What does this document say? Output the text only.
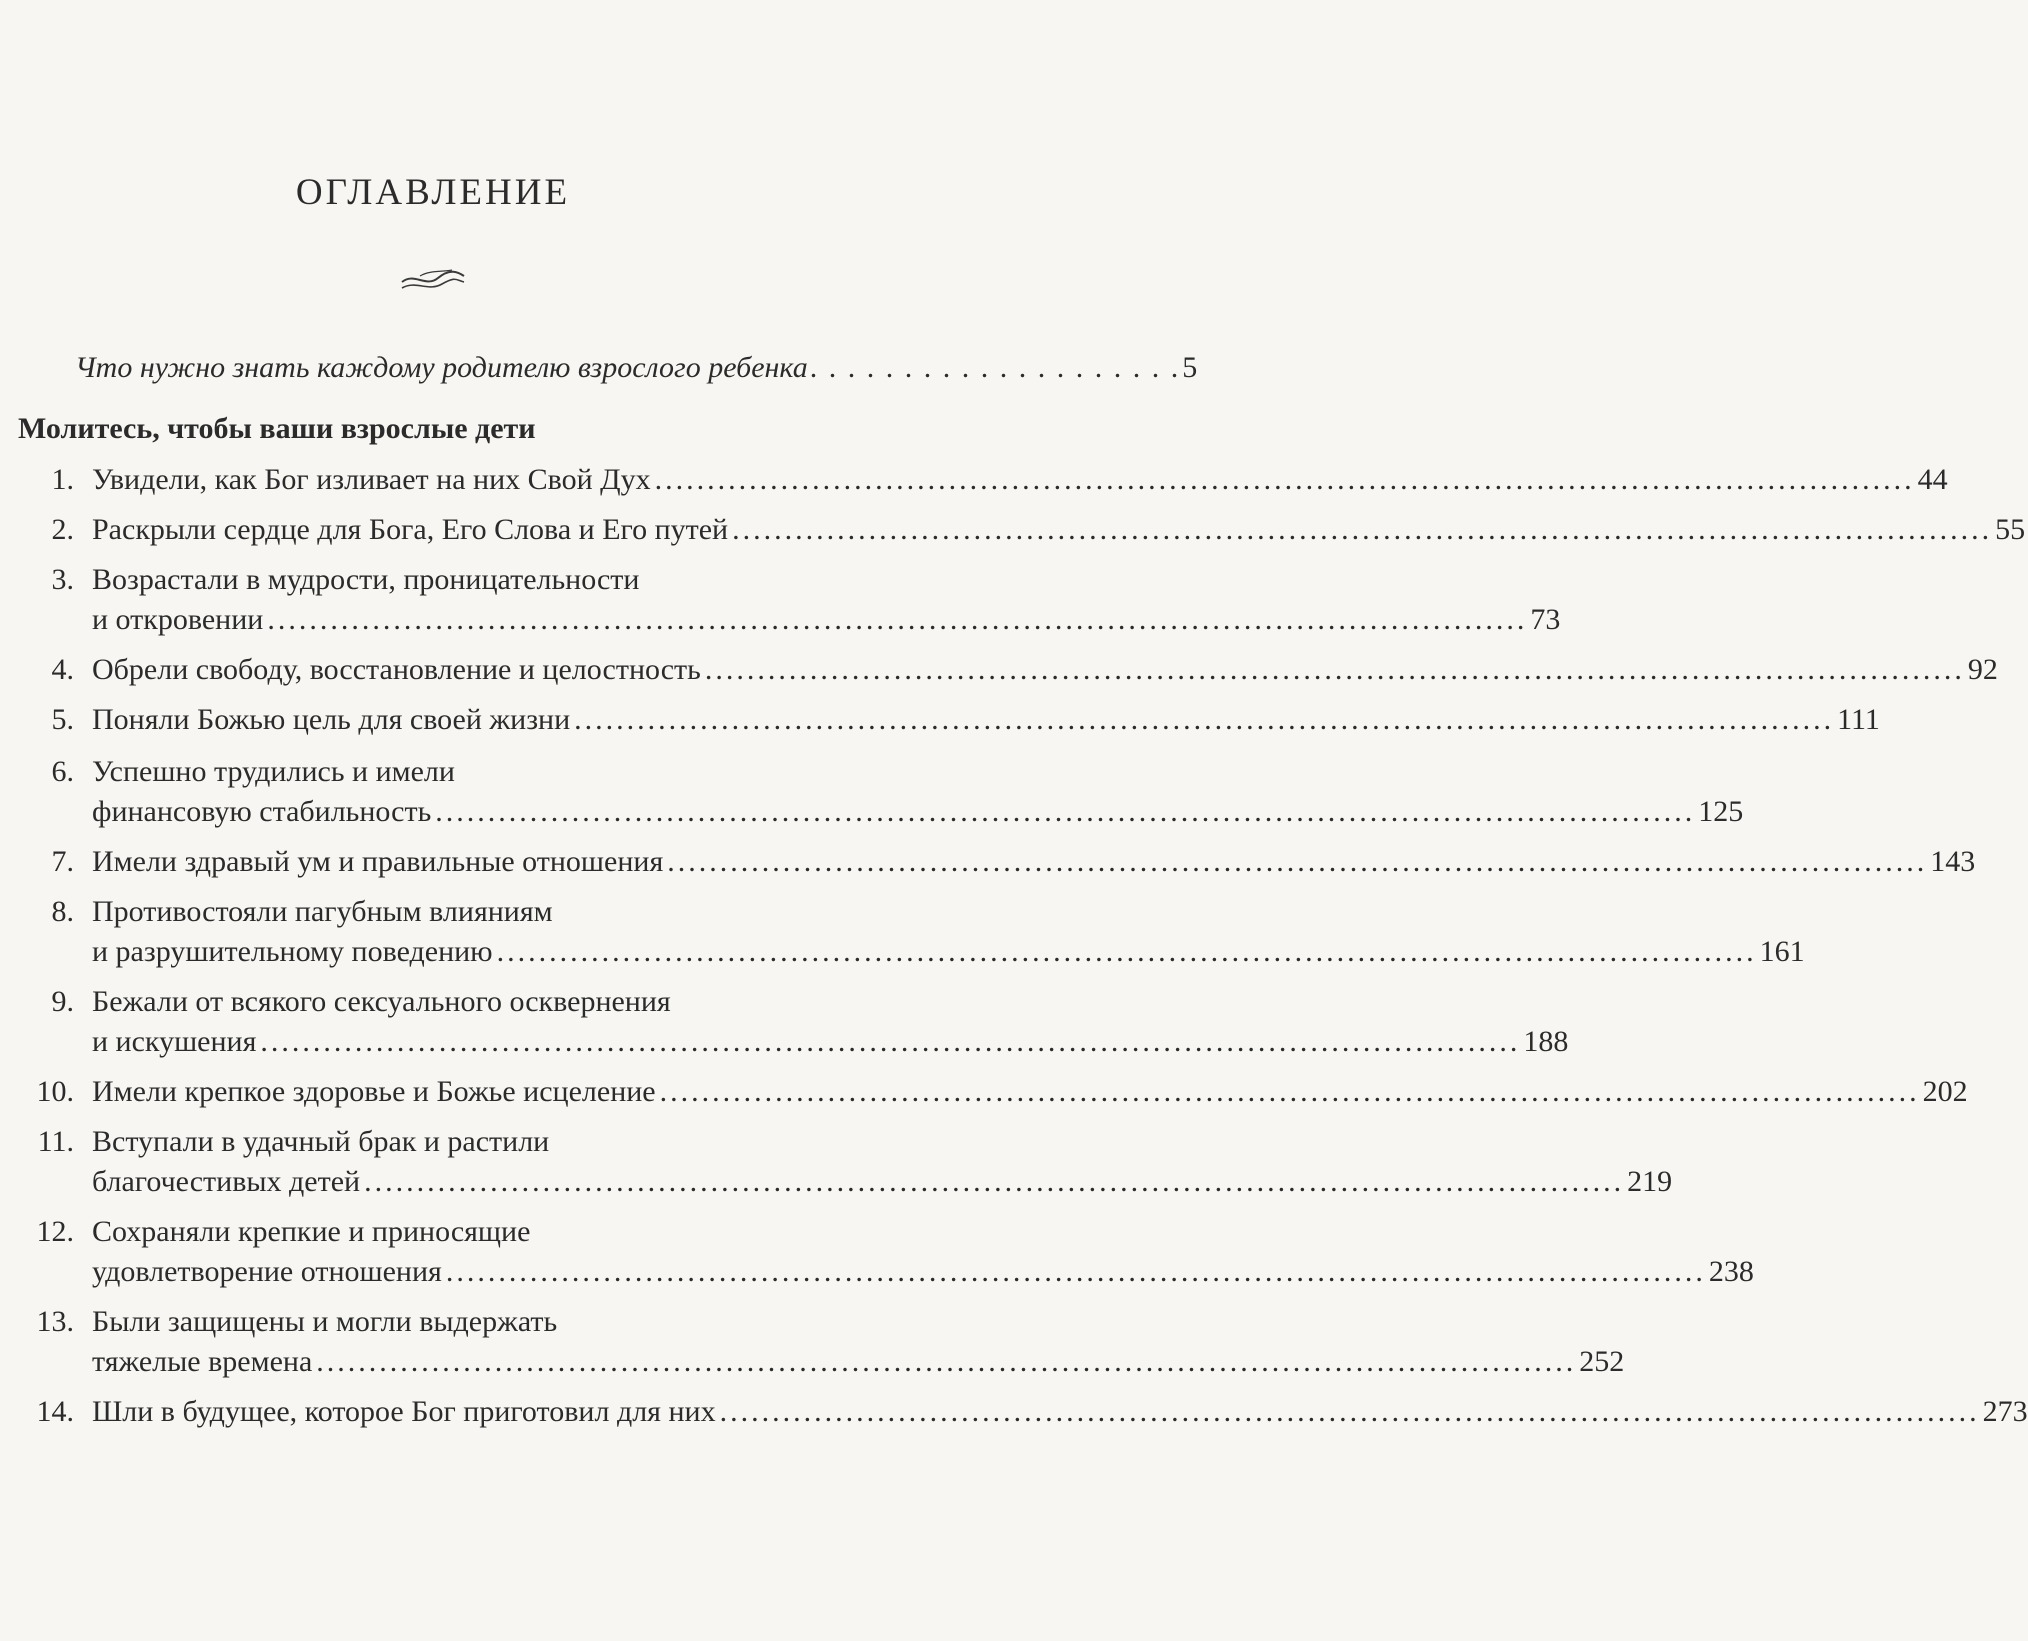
ОГЛАВЛЕНИЕ
Что нужно знать каждому родителю взрослого ребенка . . . . . . . . . . . . . . . . . . . . 5
Молитесь, чтобы ваши взрослые дети
1. Увидели, как Бог изливает на них Свой Дух ........................................................................................................................ 44
2. Раскрыли сердце для Бога, Его Слова и Его путей ........................................................................................................................ 55
3. Возрастали в мудрости, проницательности
и откровении ........................................................................................................................ 73
4. Обрели свободу, восстановление и целостность ........................................................................................................................ 92
5. Поняли Божью цель для своей жизни ........................................................................................................................ 111
6. Успешно трудились и имели
финансовую стабильность ........................................................................................................................ 125
7. Имели здравый ум и правильные отношения ........................................................................................................................ 143
8. Противостояли пагубным влияниям
и разрушительному поведению ........................................................................................................................ 161
9. Бежали от всякого сексуального осквернения
и искушения ........................................................................................................................ 188
10. Имели крепкое здоровье и Божье исцеление ........................................................................................................................ 202
11. Вступали в удачный брак и растили
благочестивых детей ........................................................................................................................ 219
12. Сохраняли крепкие и приносящие
удовлетворение отношения ........................................................................................................................ 238
13. Были защищены и могли выдержать
тяжелые времена ........................................................................................................................ 252
14. Шли в будущее, которое Бог приготовил для них ........................................................................................................................ 273
